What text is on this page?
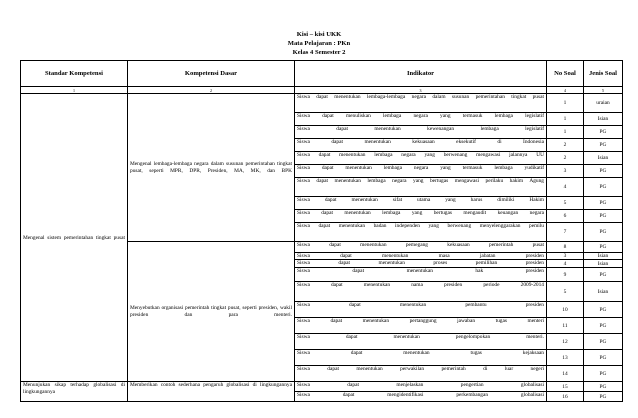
Kisi – kisi UKK
Mata Pelajaran : PKn
Kelas 4 Semester 2
Standar Kompetensi	Kompetensi Dasar	Indikator	No Soal	Jenis Soal
1	2	3	4	5
Mengenal sistem pemerintahan tingkat pusat	Mengenal lembaga-lembaga negara dalam susunan pemerintahan tingkat pusat, seperti MPR, DPR, Presiden, MA, MK, dan BPK	Siswa dapat menentukan lembaga-lembaga negara dalam susunan pemerintahan tingkat pusat	1	uraian
		Siswa dapat menuliskan lembaga negara yang termasuk lembaga legislatif	1	Isian
		Siswa dapat menentukan kewenangan lembaga legislatif	1	PG
		Siswa dapat menentukan kekuasaan eksekutif di Indonesia	2	PG
		Siswa dapat menentukan lembaga negara yang berwenang mengawasi jalannya UU	2	Isian
		Siswa dapat menentukan lembaga negara yang termasuk lembaga yudikatif	3	PG
		Siswa dapat menentukan lembaga negara yang bertugas mengawasi perilaku hakim Agung	4	PG
		Siswa dapat menentukan sifat utama yang harus dimiliki Hakim	5	PG
		Siswa dapat menentukan lembaga yang bertugas mengaudit keuangan negara	6	PG
		Siswa dapat menentukan badan independen yang berwenang menyelenggarakan pemilu	7	PG
	Menyebutkan organisasi pemerintah tingkat pusat, seperti presiden, wakil presiden dan para menteri.	Siswa dapat menentukan pemegang kekuasaan pemerintah pusat	8	PG
		Siswa dapat menentukan masa jabatan presiden	3	Isian
		Siswa dapat menentukan proses pemilihan presiden	4	Isian
		Siswa dapat menentukan hak presiden	9	PG
		Siswa dapat menentukan nama presiden periode 2009-2014	5	Isian
		Siswa dapat menentukan pembantu presiden	10	PG
		Siswa dapat menentukan pertanggung jawaban tugas menteri	11	PG
		Siswa dapat menentukan pengelompokan menteri.	12	PG
		Siswa dapat menentukan tugas kejaksaan	13	PG
		Siswa dapat menentukan perwakilan pemerintah di luar negeri	14	PG
Menunjukan sikap terhadap globalisasi di lingkungannya	Memberikan contoh sederhana pengaruh globalisasi di lingkungannya	Siswa dapat menjelaskan pengertian globalisasi	15	PG
		Siswa dapat mengidentifikasi perkembangan globalisasi	16	PG
